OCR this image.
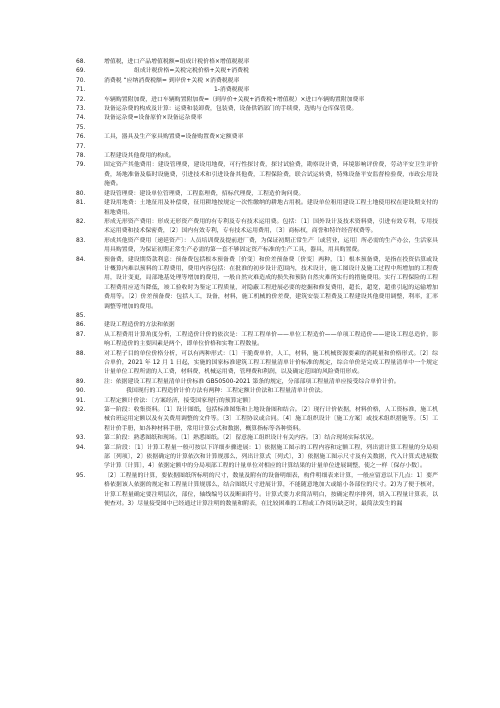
68.	增值税，进口产品增值税额=组成计税价格×增值税税率
69.	组成计税价格=关税完税价格+关税+消费税
70.	消费税 “应纳消费税额= 到岸价+关税 ×消费税税率
71.	1-消费税税率
72.	车辆购置附加费，进口车辆购置附加费=（到岸价+关税+消费税+增值税）×进口车辆购置附加费率
73.	设备运杂费的构成及计算：运费和装卸费，包装费，设备供销部门的手续费，选购与仓库保管费。
74.	设备运杂费=设备原价×设备运杂费率
75.

76.	工具，器具及生产家具购置费=设备购置费×定额费率
77.

78.	工程建设其他费用的构成。
79.	固定资产其他费用：建设管理费，建设用地费，可行性探讨费，探讨试验费，勘察设计费，环境影响评价费，劳动平安卫生评价费，场地准备及临时设施费，引进技术和引进设备其他费，工程保险费，联合试运转费，特殊设备平安监督检验费，市政公用设施费。
80.	建设管理费：建设单位管理费，工程监理费，招标代理费，工程造价询问费。
81.	建设用地费：土地征用及补偿费，征用耕地按规定一次性缴纳的耕地占用税。建设单位租用建设工程土地使用权在建设期支付的租地费用。
82.	形成无形资产费用：形成无形资产费用的有专利及专有技术运用费。包括：〔1〕国外设计及技术资料费，引进有效专利，专用技术运用费和技术保密费，〔2〕国内有效专利，专有技术运用费用，〔3〕商标权，商誉和特许经营权费等。
83.	形成其他资产费用〔递延资产〕：人员培训费及提前进厂费，为保证初期正常生产〔或营业，运用〕所必需的生产办公，生活家具用具购置费，为保证初期正常生产必需的第一套不够固定资产标准的生产工具，器具，用具购置费。
84.	预备费，建设期贷款利息：预备费包括根本预备费〔价变〕和价差预备费〔价变〕两种，〔1〕根本预备费，是指在投资估算或设计概算内难以预料的工程费用，费用内容包括：在批准的初步设计范围内，技术设计，施工图设计及施工过程中所增加的工程费用，设计变更，局部地基处理等增加的费用，一般自然灾难造成的损失和预防自然灾难所实行的措施费用。实行工程保险的工程工程费用应适当降低，竣工验收时为鉴定工程质量，对隐蔽工程进展必要的挖掘和修复费用，超长，超宽，超重引起的运输增加费用等。〔2〕价差预备费：包括人工，设备，材料，施工机械的价差费，建筑安装工程费及工程建设其他费用调整，利率，汇率调整等增加的费用。
85.

86.	建设工程造价的方法和依据
87.	从工程费用计算角度分析，工程造价计价的依次是：工程工程单价——单位工程造价——单项工程造价——建设工程总造价，影响工程造价的主要因素是两个，即单位价格和实物工程数量。
88.	对工程子目的单位价格分析，可以有两种形式：〔1〕干脆费单价，人工，材料，施工机械资源要素的消耗量和价格形式。〔2〕综合单价，2021 年 12 月 1 日起，实施的国家标准建筑工程工程量清单计价标准的规定，综合单价是完成工程量清单中一个规定计量单位工程所需的人工费，材料费，机械运用费，管理费和利润，以及确定范围的风险费用形成。
89.	注：依据建设工程工程量清单计价标准 GB50500-2021 第条的规定，分部部项工程量清单应接受综合单价计价。
90.	我国现行的工程造价计价方法有两种：工程定额计价法和工程量清单计价法。
91.	工程定额计价法：〔方案经济，接受国家现行的预算定额〕
92.	第一阶段：收集资料。〔1〕设计图纸，包括标准图集和上地设备图和结合。〔2〕现行计价依据，材料价格，人工资标准，施工机械台班运用定额以及有关费用调整的文件等。〔3〕工程协议或合同。〔4〕施工组织设计〔施工方案〕或技术组织措施等。〔5〕工程计价手册，如各种材料手册，常用计算公式和数据，概算指标等各种资料。
93.	第二阶段：熟悉图纸和现场。〔1〕熟悉图纸。〔2〕留意施工组织设计有关内容。〔3〕结合现场实际状况。
94.	第二阶段：〔1〕计算工程量一般可按以下详细步骤进展：1〕依据施工图示的工程内容和定额工程，列出需计算工程量的分局项部〔列项〕，2〕依据确定的计算依次和计算规那么，列出计算式〔列式〕，3〕依据施工图示尺寸及有关数据，代入计算式进展数学计算〔计算〕，4〕依据定额中的分局项部工程的计量单位对相应的计算结果的计量单位进展调整，使之一样〔保存小数〕。
95.	〔2〕工程量的计算，要依据图纸所标明的尺寸，数量及附有的设备明细表，构件明细表来计算，一般应留意以下几点：1〕要严格依据该人依据的规定和工程量计算规那么，结合图纸尺寸进展计算，不能随意地加大或缩小各部位的尺寸。2)为了便于核对，计算工程量确定要注明层次，部位，轴线编号以及断面符号。计算式要力求简洁明白，按确定程序排列，填入工程量计算表，以便查对。3）尽量接受图中已经通过计算注明的数量和附表，在比较困难的工程或工作阅历缺乏时，最简法发生的漏
